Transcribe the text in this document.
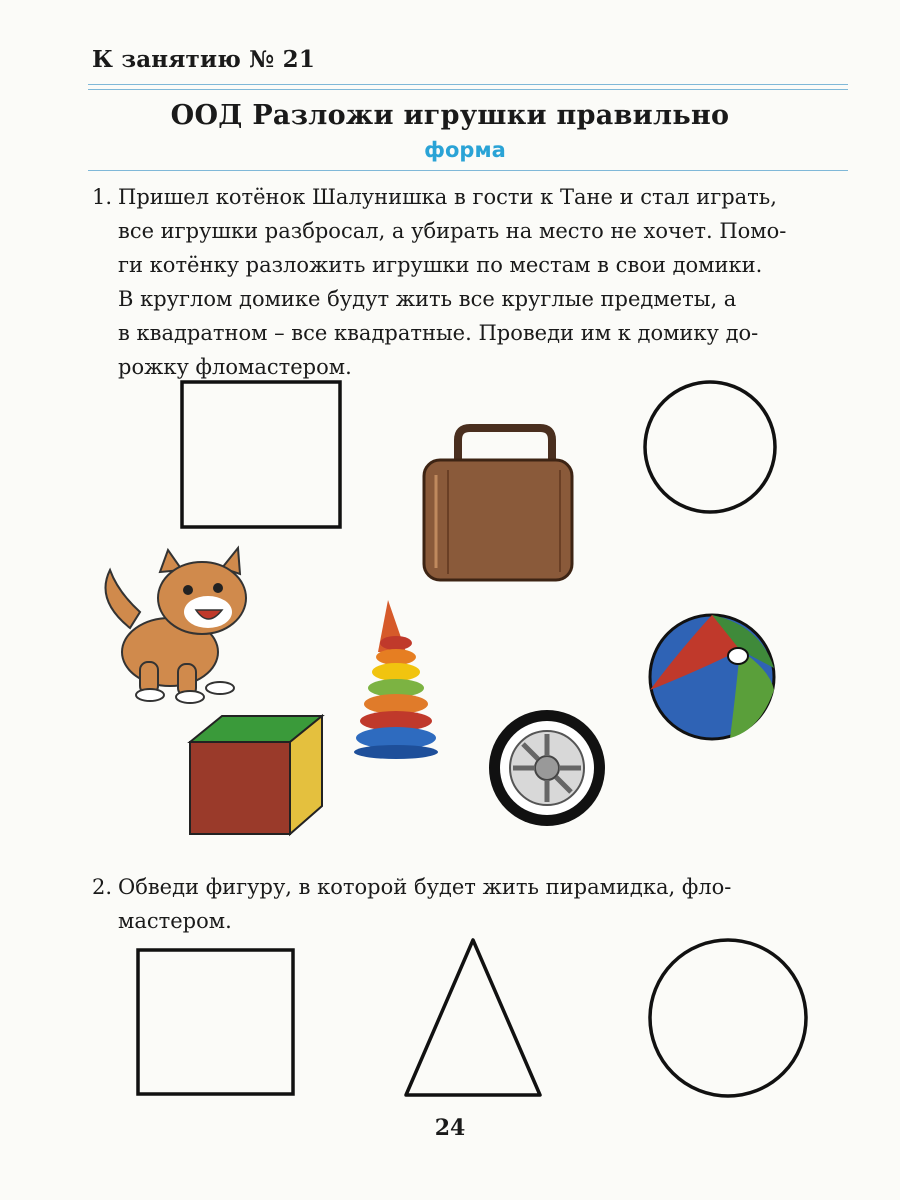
К занятию № 21
ООД Разложи игрушки правильно
форма
1. Пришел котёнок Шалунишка в гости к Тане и стал играть,
все игрушки разбросал, а убирать на место не хочет. Помо-
ги котёнку разложить игрушки по местам в свои домики.
В круглом домике будут жить все круглые предметы, а
в квадратном – все квадратные. Проведи им к домику до-
рожку фломастером.
2. Обведи фигуру, в которой будет жить пирамидка, фло-
мастером.
24
